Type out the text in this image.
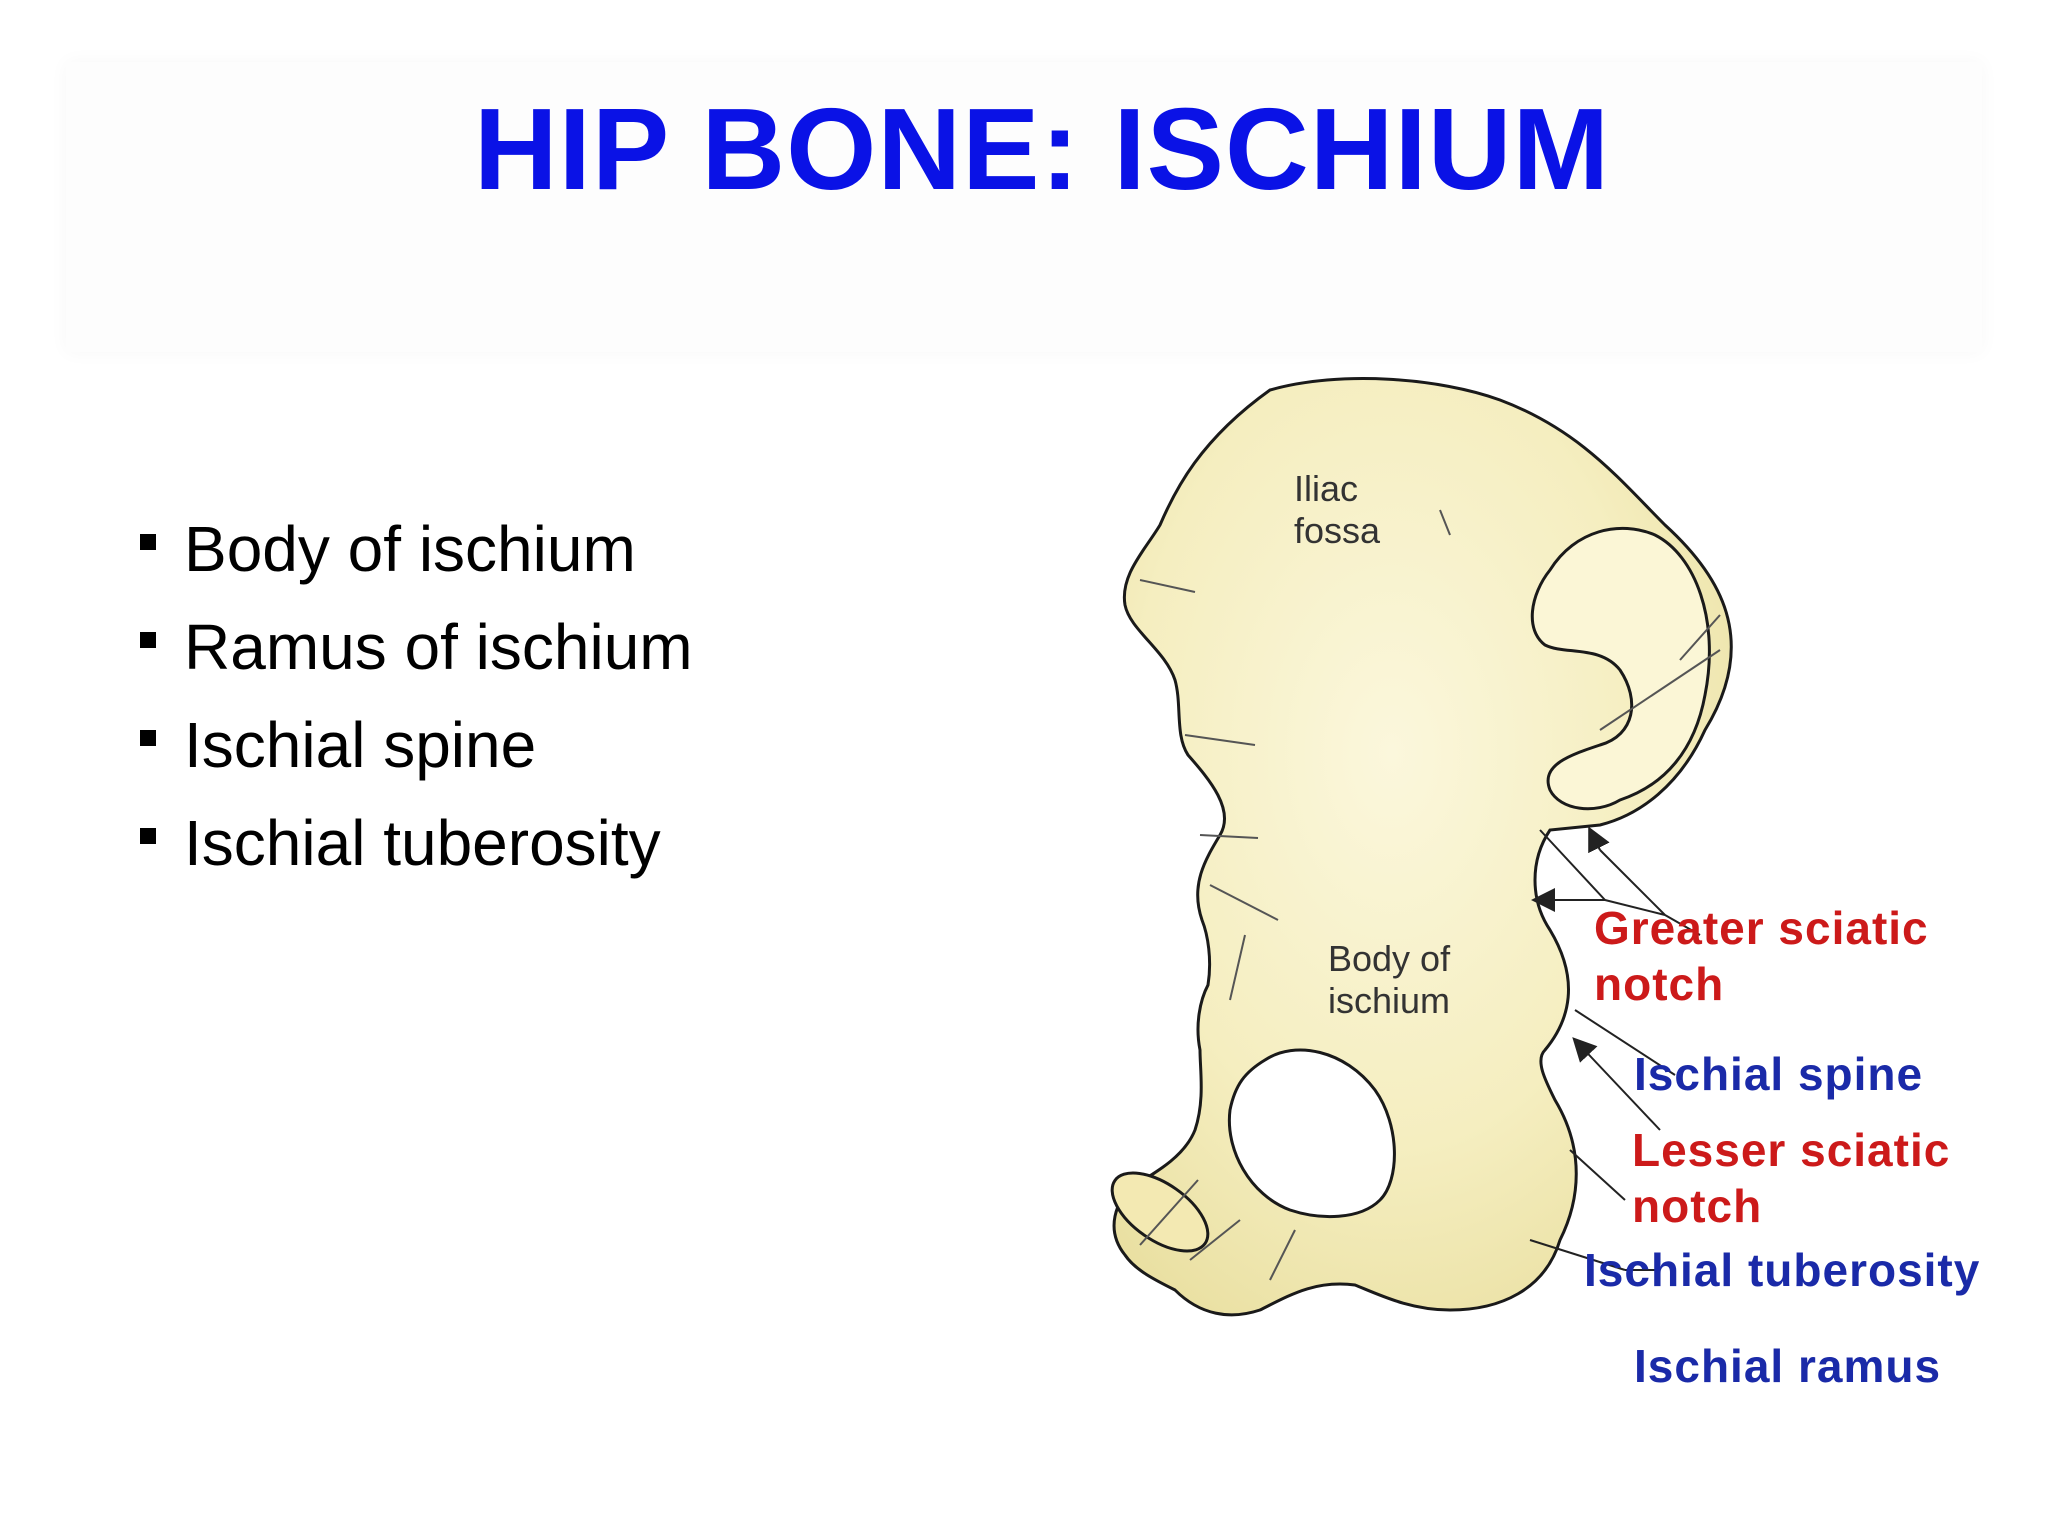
HIP BONE: ISCHIUM
Body of ischium
Ramus of ischium
Ischial spine
Ischial tuberosity
Iliac
fossa
Body of
ischium
Greater sciatic
notch
Ischial spine
Lesser sciatic
notch
Ischial tuberosity
Ischial ramus
